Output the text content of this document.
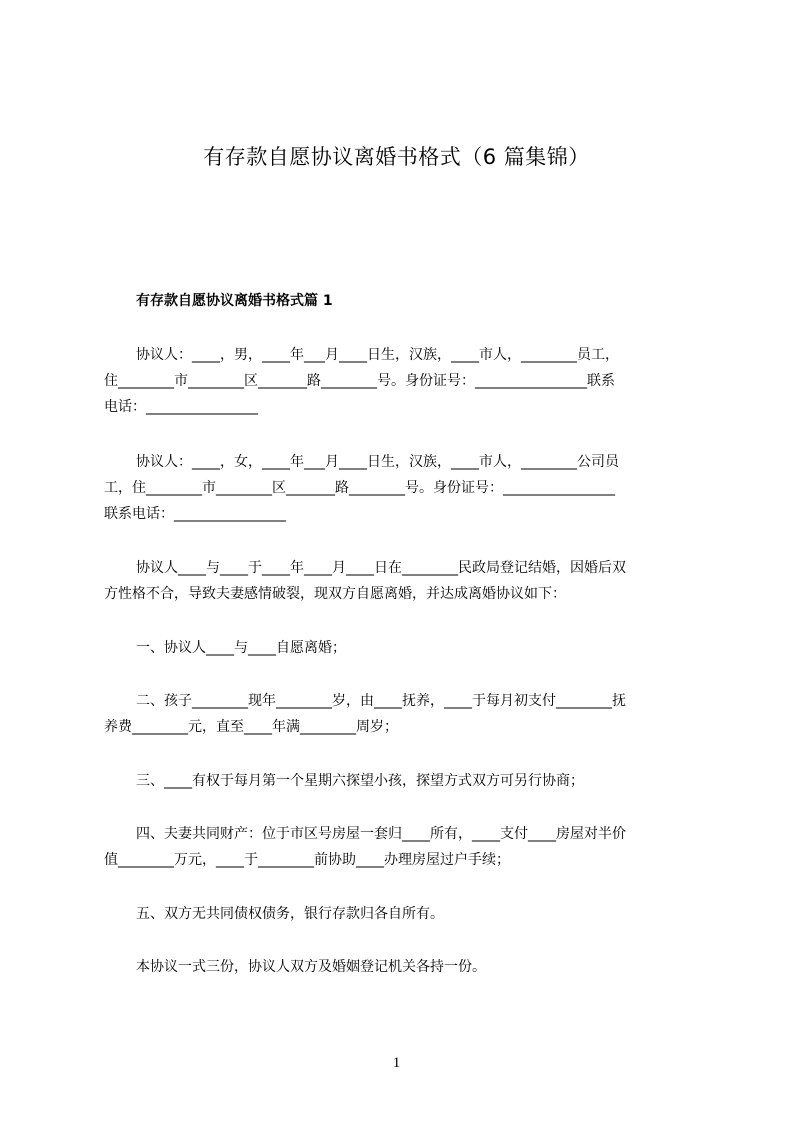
有存款自愿协议离婚书格式（6 篇集锦）
有存款自愿协议离婚书格式篇 1
协议人：____，男，____年___月____日生，汉族，____市人，________员工，
住________市________区_______路________号。身份证号：________________联系
电话：________________
协议人：____，女，____年___月____日生，汉族，____市人，________公司员
工，住________市________区_______路________号。身份证号：________________
联系电话：________________
协议人____与____于____年____月____日在________民政局登记结婚，因婚后双
方性格不合，导致夫妻感情破裂，现双方自愿离婚，并达成离婚协议如下：
一、协议人____与____自愿离婚；
二、孩子________现年________岁，由____抚养，____于每月初支付________抚
养费________元，直至____年满________周岁；
三、____有权于每月第一个星期六探望小孩，探望方式双方可另行协商；
四、夫妻共同财产：位于市区号房屋一套归____所有，____支付____房屋对半价
值________万元，____于________前协助____办理房屋过户手续；
五、双方无共同债权债务，银行存款归各自所有。
本协议一式三份，协议人双方及婚姻登记机关各持一份。
1
